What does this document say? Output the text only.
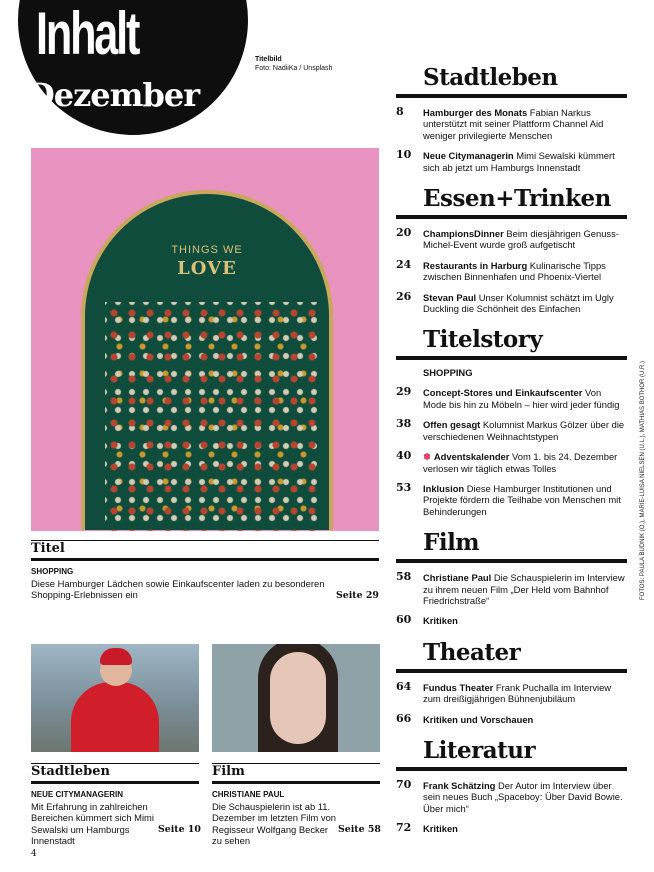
Inhalt
Dezember
Titelbild
Foto: NadiiKa / Unsplash	Stadtleben
8 Hamburger des Monats Fabian Narkus unterstützt mit seiner Plattform Channel Aid weniger privilegierte Menschen
10 Neue Citymanagerin Mimi Sewalski kümmert sich ab jetzt um Hamburgs Innenstadt
Essen+Trinken
20 ChampionsDinner Beim diesjährigen Genuss-Michel-Event wurde groß aufgetischt
24 Restaurants in Harburg Kulinarische Tipps zwischen Binnenhafen und Phoenix-Viertel
26 Stevan Paul Unser Kolumnist schätzt im Ugly Duckling die Schönheit des Einfachen
Titelstory
SHOPPING
29 Concept-Stores und Einkaufscenter Von Mode bis hin zu Möbeln – hier wird jeder fündig
38 Offen gesagt Kolumnist Markus Gölzer über die verschiedenen Weihnachtstypen
40 ❄ Adventskalender Vom 1. bis 24. Dezember verlosen wir täglich etwas Tolles
53 Inklusion Diese Hamburger Institutionen und Projekte fördern die Teilhabe von Menschen mit Behinderungen
Film
58 Christiane Paul Die Schauspielerin im Interview zu ihrem neuen Film „Der Held vom Bahnhof Friedrichstraße“
60 Kritiken
Theater
64 Fundus Theater Frank Puchalla im Interview zum dreißigjährigen Bühnenjubiläum
66 Kritiken und Vorschauen
Literatur
70 Frank Schätzing Der Autor im Interview über sein neues Buch „Spaceboy: Über David Bowie. Über mich“
72 Kritiken
THINGS WE
LOVE
Titel
SHOPPING
Diese Hamburger Lädchen sowie Einkaufscenter laden zu besonderen Shopping-Erlebnissen ein	Seite 29
Stadtleben
NEUE CITYMANAGERIN
Mit Erfahrung in zahlreichen Bereichen kümmert sich Mimi Sewalski um Hamburgs Innenstadt
Seite 10
Film
CHRISTIANE PAUL
Die Schauspielerin ist ab 11. Dezember im letzten Film von Regisseur Wolfgang Becker zu sehen
Seite 58
FOTOS: PAULA BUDNIK (O.), MARIE-LUISA NIELSEN (U.L.), MATHIAS BOTHOR (U.R.)
4
